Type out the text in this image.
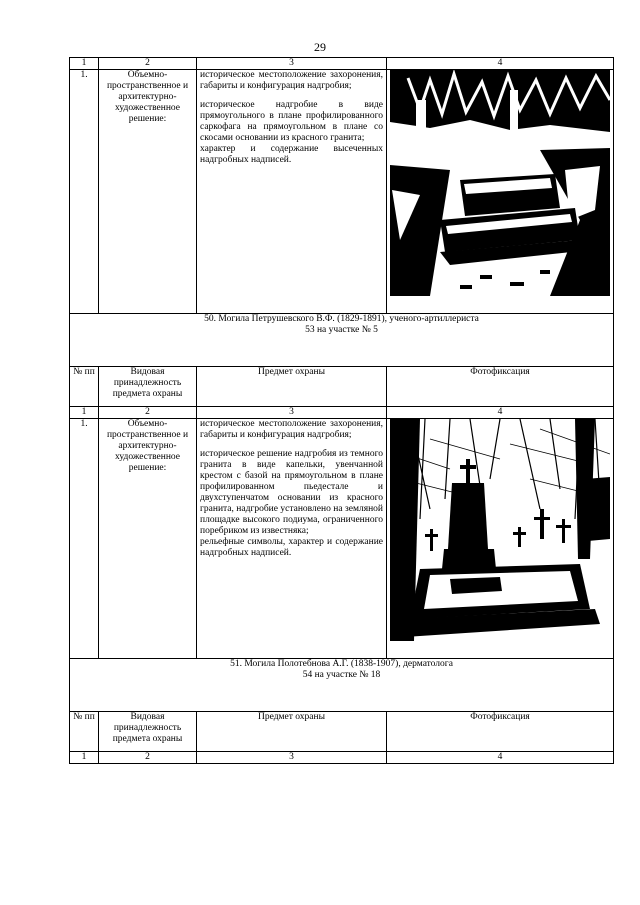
29
1	2	3	4
1.	Объемно-пространственное и архитектурно-художественное решение:	историческое местоположение захоронения, габариты и конфигурация надгробия;

историческое надгробие в виде прямоугольного в плане профилированного саркофага на прямоугольном в плане со скосами основании из красного гранита;
характер и содержание высеченных надгробных надписей.

50. Могила Петрушевского В.Ф. (1829-1891), ученого-артиллериста
53 на участке № 5			

№ пп	Видовая принадлежность предмета охраны	Предмет охраны	Фотофиксация
1	2	3	4
1.	Объемно-пространственное и архитектурно-художественное решение:	историческое местоположение захоронения, габариты и конфигурация надгробия;

историческое решение надгробия из темного гранита в виде капельки, увенчанной крестом с базой на прямоугольном в плане профилированном пьедестале и двухступенчатом основании из красного гранита, надгробие установлено на земляной площадке высокого подиума, ограниченного поребриком из известняка;
рельефные символы, характер и содержание надгробных надписей.

51. Могила Полотебнова А.Г. (1838-1907), дерматолога
54 на участке № 18			

№ пп	Видовая принадлежность предмета охраны	Предмет охраны	Фотофиксация
1	2	3	4
